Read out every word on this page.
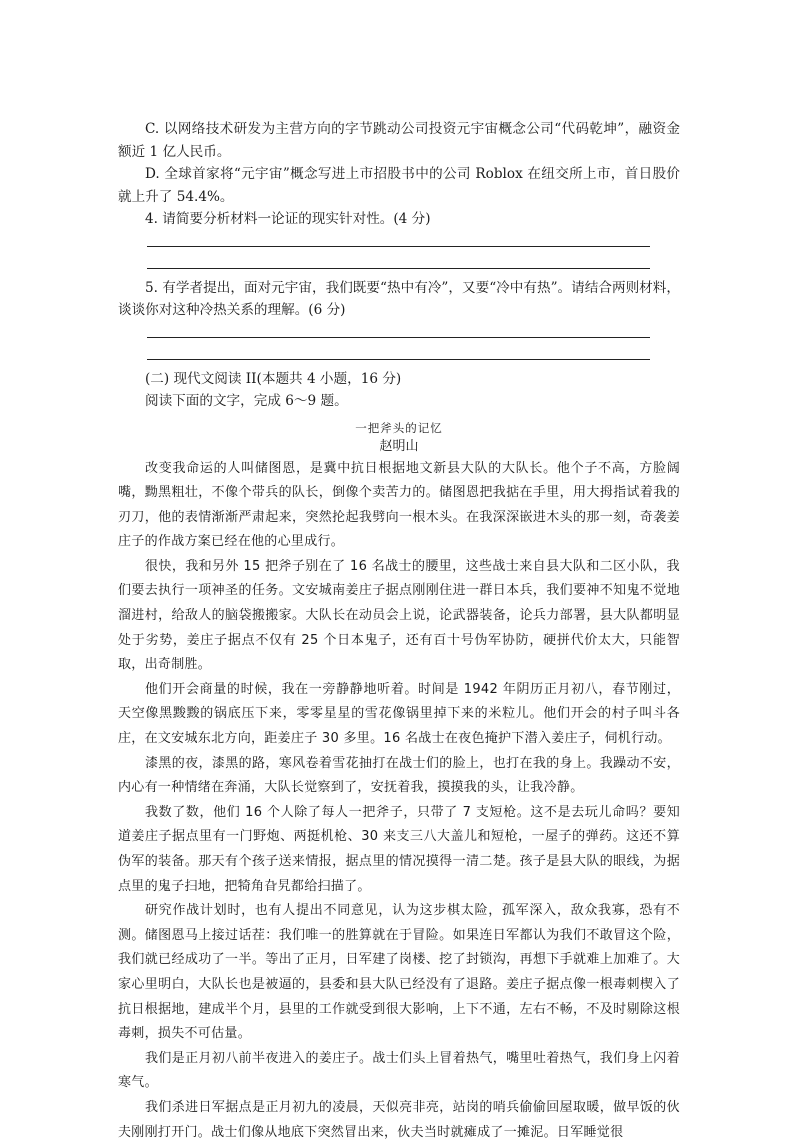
C. 以网络技术研发为主营方向的字节跳动公司投资元宇宙概念公司“代码乾坤”，融资金额近 1 亿人民币。

D. 全球首家将“元宇宙”概念写进上市招股书中的公司 Roblox 在纽交所上市，首日股价就上升了 54.4%。

4. 请简要分析材料一论证的现实针对性。(4 分)

5. 有学者提出，面对元宇宙，我们既要“热中有冷”，又要“冷中有热”。请结合两则材料，谈谈你对这种冷热关系的理解。(6 分)

(二) 现代文阅读 II(本题共 4 小题，16 分)

阅读下面的文字，完成 6～9 题。

一把斧头的记忆
赵明山

改变我命运的人叫储图恩，是冀中抗日根据地文新县大队的大队长。他个子不高，方脸阔嘴，黝黑粗壮，不像个带兵的队长，倒像个卖苦力的。储图恩把我掂在手里，用大拇指试着我的刃刀，他的表情渐渐严肃起来，突然抡起我劈向一根木头。在我深深嵌进木头的那一刻，奇袭姜庄子的作战方案已经在他的心里成行。

很快，我和另外 15 把斧子别在了 16 名战士的腰里，这些战士来自县大队和二区小队，我们要去执行一项神圣的任务。文安城南姜庄子据点刚刚住进一群日本兵，我们要神不知鬼不觉地溜进村，给敌人的脑袋搬搬家。大队长在动员会上说，论武器装备，论兵力部署，县大队都明显处于劣势，姜庄子据点不仅有 25 个日本鬼子，还有百十号伪军协防，硬拼代价太大，只能智取，出奇制胜。

他们开会商量的时候，我在一旁静静地听着。时间是 1942 年阴历正月初八，春节刚过，天空像黑黢黢的锅底压下来，零零星星的雪花像锅里掉下来的米粒儿。他们开会的村子叫斗各庄，在文安城东北方向，距姜庄子 30 多里。16 名战士在夜色掩护下潜入姜庄子，伺机行动。

漆黑的夜，漆黑的路，寒风卷着雪花抽打在战士们的脸上，也打在我的身上。我躁动不安，内心有一种情绪在奔涌，大队长觉察到了，安抚着我，摸摸我的头，让我冷静。

我数了数，他们 16 个人除了每人一把斧子，只带了 7 支短枪。这不是去玩儿命吗？要知道姜庄子据点里有一门野炮、两挺机枪、30 来支三八大盖儿和短枪，一屋子的弹药。这还不算伪军的装备。那天有个孩子送来情报，据点里的情况摸得一清二楚。孩子是县大队的眼线，为据点里的鬼子扫地，把犄角旮旯都给扫描了。

研究作战计划时，也有人提出不同意见，认为这步棋太险，孤军深入，敌众我寡，恐有不测。储图恩马上接过话茬：我们唯一的胜算就在于冒险。如果连日军都认为我们不敢冒这个险，我们就已经成功了一半。等出了正月，日军建了岗楼、挖了封锁沟，再想下手就难上加难了。大家心里明白，大队长也是被逼的，县委和县大队已经没有了退路。姜庄子据点像一根毒刺楔入了抗日根据地，建成半个月，县里的工作就受到很大影响，上下不通，左右不畅，不及时剔除这根毒刺，损失不可估量。

我们是正月初八前半夜进入的姜庄子。战士们头上冒着热气，嘴里吐着热气，我们身上闪着寒气。

我们杀进日军据点是正月初九的凌晨，天似亮非亮，站岗的哨兵偷偷回屋取暖，做早饭的伙夫刚刚打开门。战士们像从地底下突然冒出来，伙夫当时就瘫成了一摊泥。日军睡觉很
